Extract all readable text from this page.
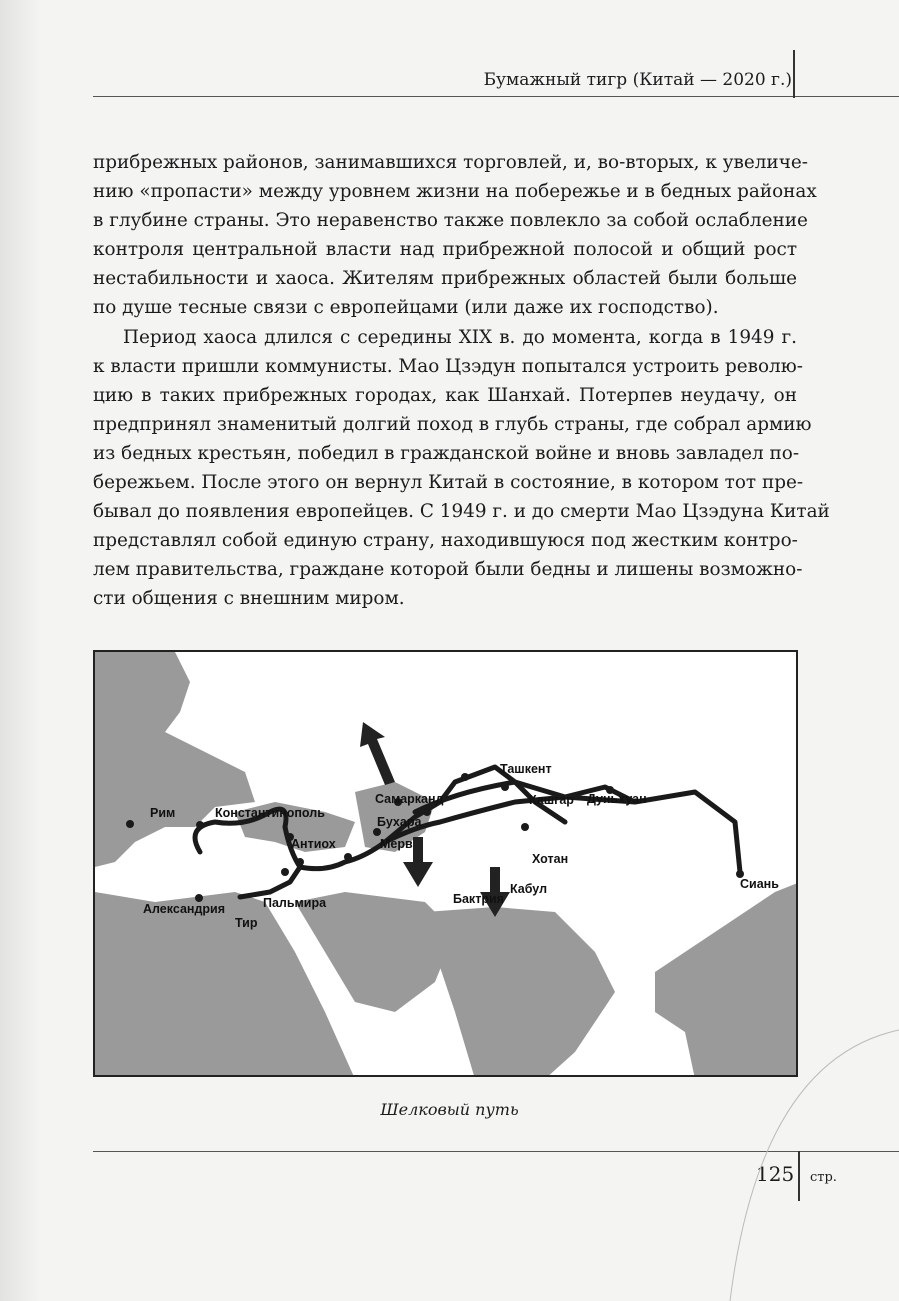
Бумажный тигр (Китай — 2020 г.)
прибрежных районов, занимавшихся торговлей, и, во-вторых, к увеличе-
нию «пропасти» между уровнем жизни на побережье и в бедных районах
в глубине страны. Это неравенство также повлекло за собой ослабление
контроля центральной власти над прибрежной полосой и общий рост
нестабильности и хаоса. Жителям прибрежных областей были больше
по душе тесные связи с европейцами (или даже их господство).
Период хаоса длился с середины XIX в. до момента, когда в 1949 г.
к власти пришли коммунисты. Мао Цзэдун попытался устроить револю-
цию в таких прибрежных городах, как Шанхай. Потерпев неудачу, он
предпринял знаменитый долгий поход в глубь страны, где собрал армию
из бедных крестьян, победил в гражданской войне и вновь завладел по-
бережьем. После этого он вернул Китай в состояние, в котором тот пре-
бывал до появления европейцев. С 1949 г. и до смерти Мао Цзэдуна Китай
представлял собой единую страну, находившуюся под жестким контро-
лем правительства, граждане которой были бедны и лишены возможно-
сти общения с внешним миром.
Рим	Константинополь
Антиох
Александрия
Тир
Пальмира
Самарканд
Бухара
Мерв
Ташкент
Кашгар Дуньхуан
Хотан
Кабул
Бактрия
Сиань
Шелковый путь
125 стр.
